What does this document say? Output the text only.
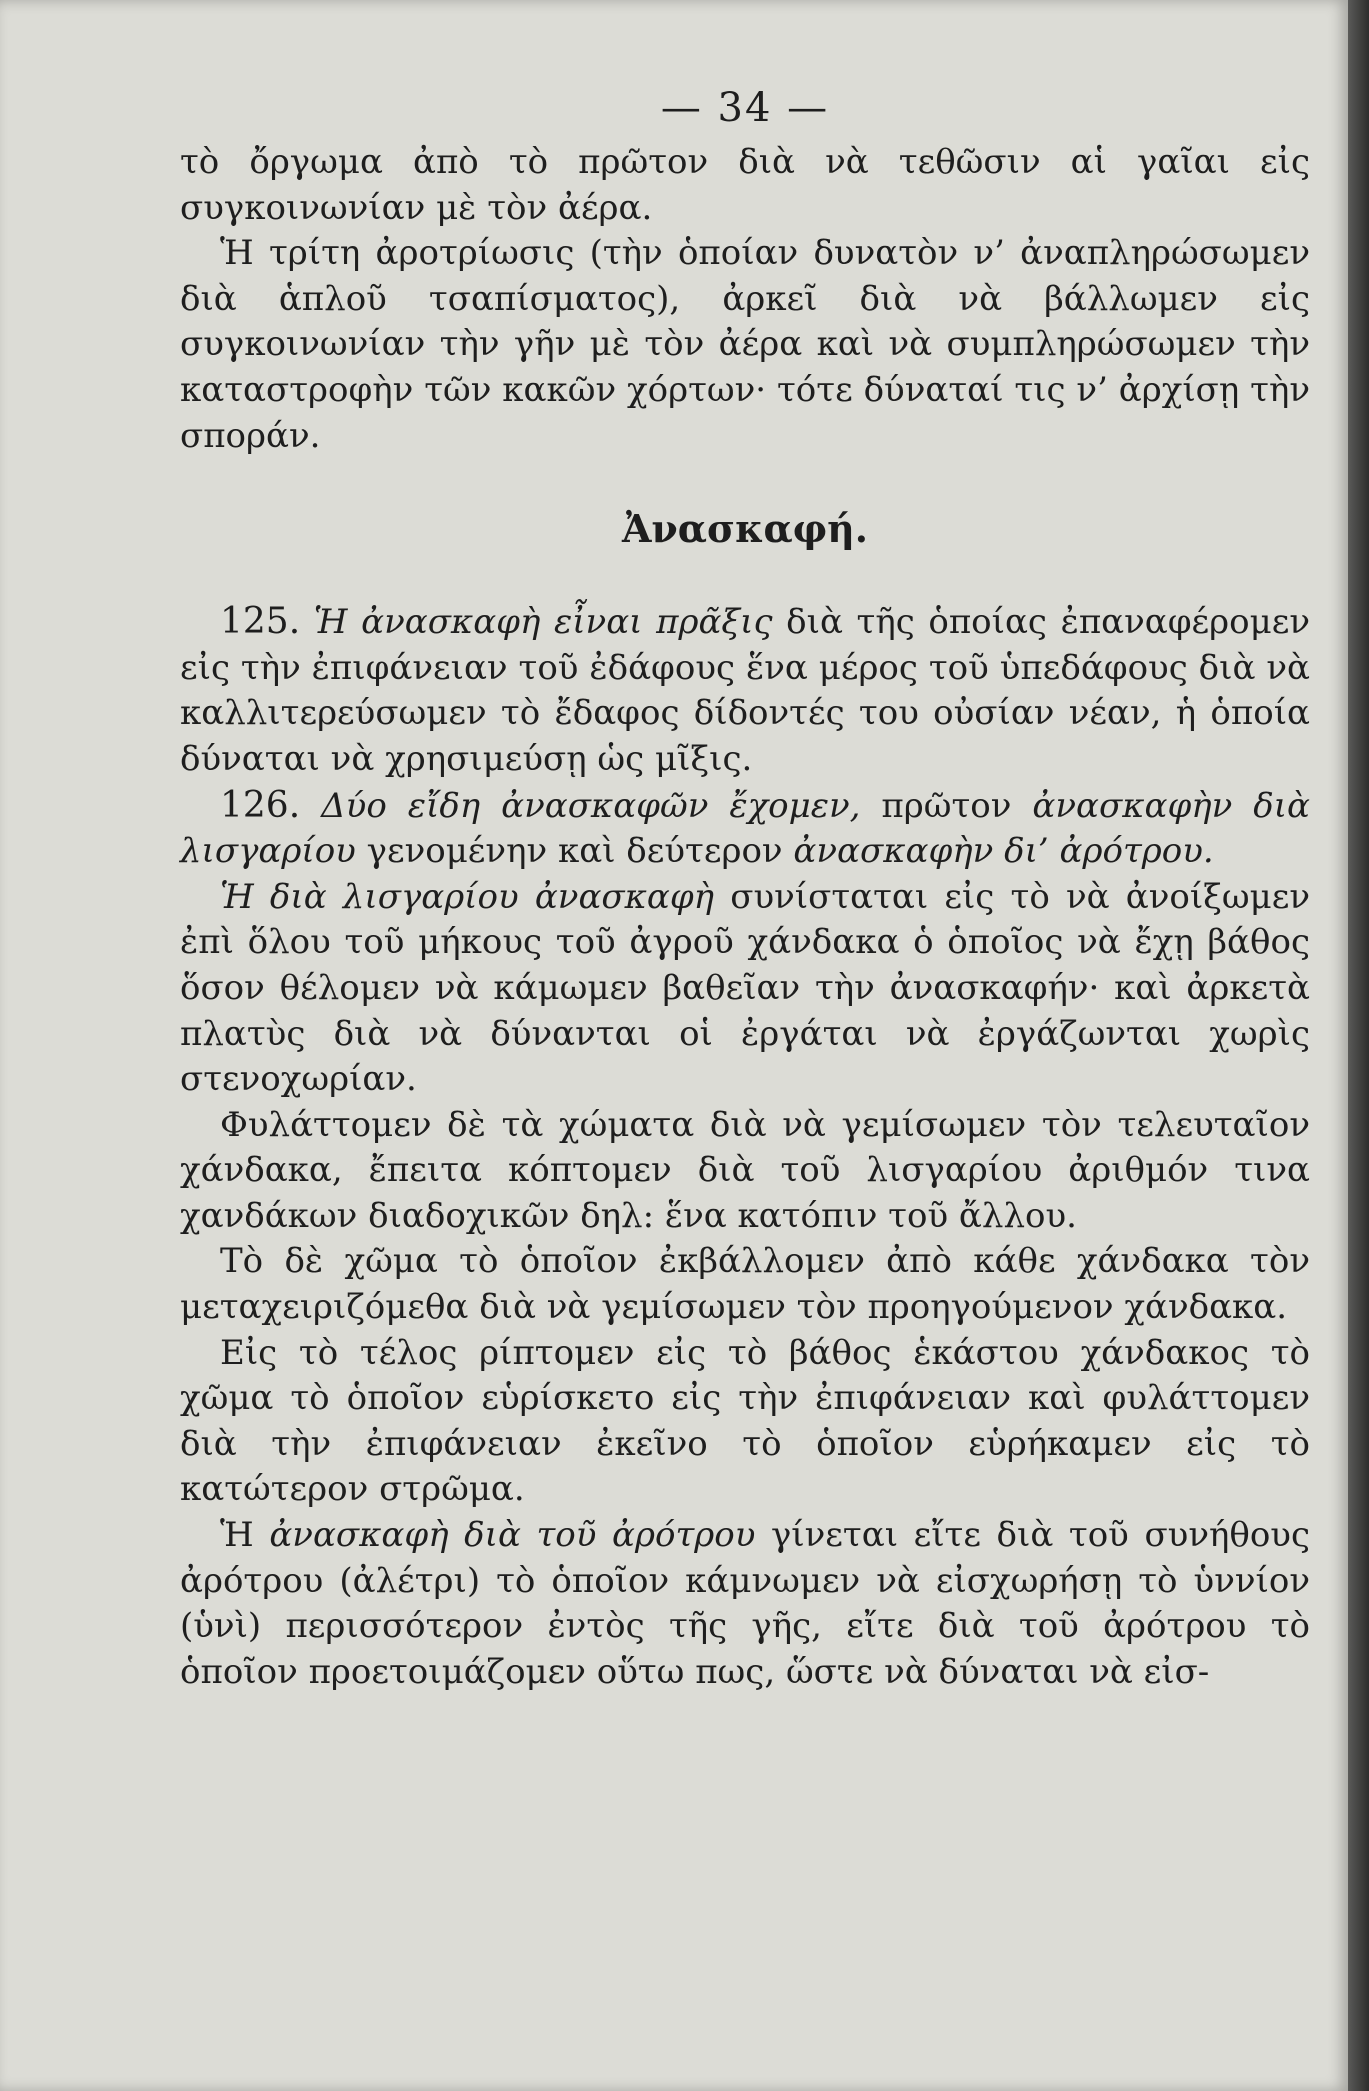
— 34 —

τὸ ὄργωμα ἀπὸ τὸ πρῶτον διὰ νὰ τεθῶσιν αἱ γαῖαι εἰς συγκοινωνίαν μὲ τὸν ἀέρα.

Ἡ τρίτη ἀροτρίωσις (τὴν ὁποίαν δυνατὸν ν’ ἀναπληρώσωμεν διὰ ἁπλοῦ τσαπίσματος), ἀρκεῖ διὰ νὰ βάλλωμεν εἰς συγκοινωνίαν τὴν γῆν μὲ τὸν ἀέρα καὶ νὰ συμπληρώσωμεν τὴν καταστροφὴν τῶν κακῶν χόρτων· τότε δύναταί τις ν’ ἀρχίσῃ τὴν σποράν.

Ἀνασκαφή.

125. Ἡ ἀνασκαφὴ εἶναι πρᾶξις διὰ τῆς ὁποίας ἐπαναφέρομεν εἰς τὴν ἐπιφάνειαν τοῦ ἐδάφους ἕνα μέρος τοῦ ὑπεδάφους διὰ νὰ καλλιτερεύσωμεν τὸ ἔδαφος δίδοντές του οὐσίαν νέαν, ἡ ὁποία δύναται νὰ χρησιμεύσῃ ὡς μῖξις.

126. Δύο εἴδη ἀνασκαφῶν ἔχομεν, πρῶτον ἀνασκαφὴν διὰ λισγαρίου γενομένην καὶ δεύτερον ἀνασκαφὴν δι’ ἀρότρου.

Ἡ διὰ λισγαρίου ἀνασκαφὴ συνίσταται εἰς τὸ νὰ ἀνοίξωμεν ἐπὶ ὅλου τοῦ μήκους τοῦ ἀγροῦ χάνδακα ὁ ὁποῖος νὰ ἔχῃ βάθος ὅσον θέλομεν νὰ κάμωμεν βαθεῖαν τὴν ἀνασκαφήν· καὶ ἀρκετὰ πλατὺς διὰ νὰ δύνανται οἱ ἐργάται νὰ ἐργάζωνται χωρὶς στενοχωρίαν.

Φυλάττομεν δὲ τὰ χώματα διὰ νὰ γεμίσωμεν τὸν τελευταῖον χάνδακα, ἔπειτα κόπτομεν διὰ τοῦ λισγαρίου ἀριθμόν τινα χανδάκων διαδοχικῶν δηλ: ἕνα κατόπιν τοῦ ἄλλου.

Τὸ δὲ χῶμα τὸ ὁποῖον ἐκβάλλομεν ἀπὸ κάθε χάνδακα τὸν μεταχειριζόμεθα διὰ νὰ γεμίσωμεν τὸν προηγούμενον χάνδακα.

Εἰς τὸ τέλος ρίπτομεν εἰς τὸ βάθος ἑκάστου χάνδακος τὸ χῶμα τὸ ὁποῖον εὑρίσκετο εἰς τὴν ἐπιφάνειαν καὶ φυλάττομεν διὰ τὴν ἐπιφάνειαν ἐκεῖνο τὸ ὁποῖον εὑρήκαμεν εἰς τὸ κατώτερον στρῶμα.

Ἡ ἀνασκαφὴ διὰ τοῦ ἀρότρου γίνεται εἴτε διὰ τοῦ συνήθους ἀρότρου (ἀλέτρι) τὸ ὁποῖον κάμνωμεν νὰ εἰσχωρήσῃ τὸ ὑννίον (ὑνὶ) περισσότερον ἐντὸς τῆς γῆς, εἴτε διὰ τοῦ ἀρότρου τὸ ὁποῖον προετοιμάζομεν οὕτω πως, ὥστε νὰ δύναται νὰ εἰσ-
